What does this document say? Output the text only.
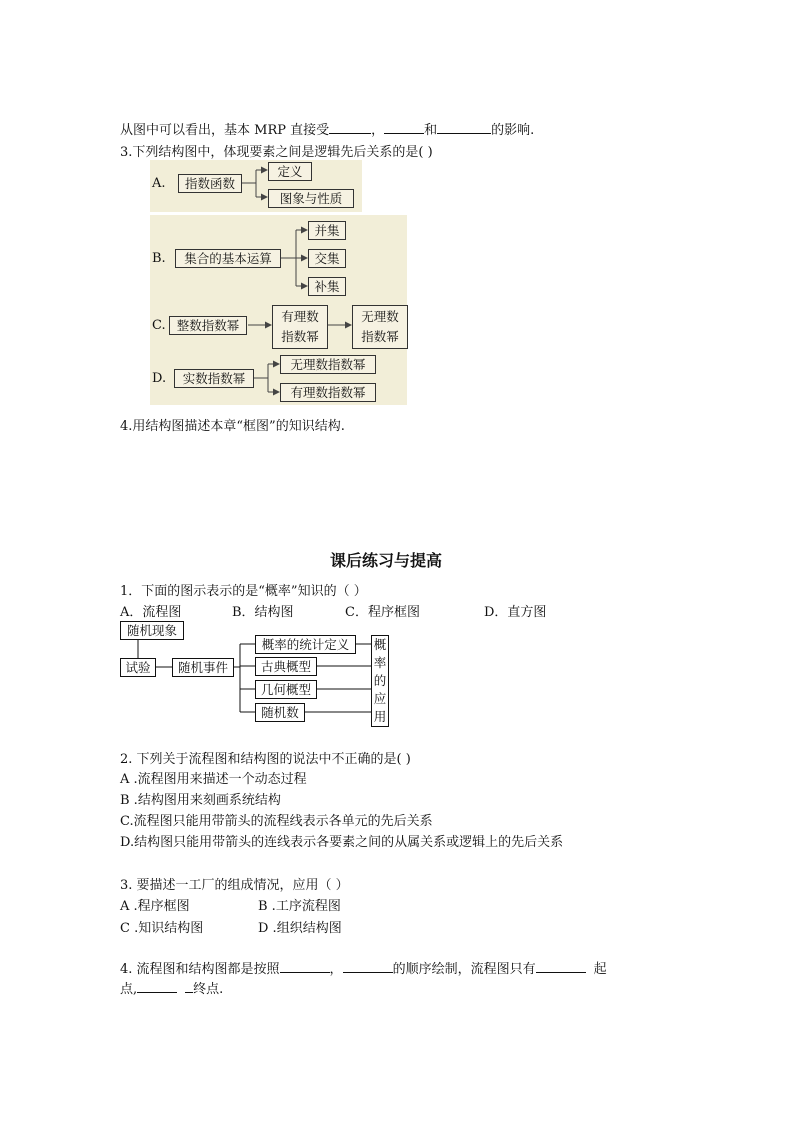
从图中可以看出，基本 MRP 直接受	，	和	的影响.
3.下列结构图中，体现要素之间是逻辑先后关系的是( )
A.	指数函数
定义
图象与性质
B.	集合的基本运算
并集
交集
补集
C. 整数指数幂
有理数指数幂
无理数指数幂
D.	实数指数幂
无理数指数幂
有理数指数幂
4.用结构图描述本章“框图”的知识结构.
课后练习与提高
1．下面的图示表示的是“概率”知识的（ ）
A．流程图	B．结构图	C．程序框图	D．直方图
随机现象
试验	随机事件
概率的统计定义
古典概型
几何概型
随机数
概
率
的
应
用
2. 下列关于流程图和结构图的说法中不正确的是( )
A .流程图用来描述一个动态过程
B .结构图用来刻画系统结构
C.流程图只能用带箭头的流程线表示各单元的先后关系
D.结构图只能用带箭头的连线表示各要素之间的从属关系或逻辑上的先后关系
3. 要描述一工厂的组成情况，应用（ ）
A .程序框图	B .工序流程图
C .知识结构图	D .组织结构图
4. 流程图和结构图都是按照	，	的顺序绘制，流程图只有	起
点,	终点.
